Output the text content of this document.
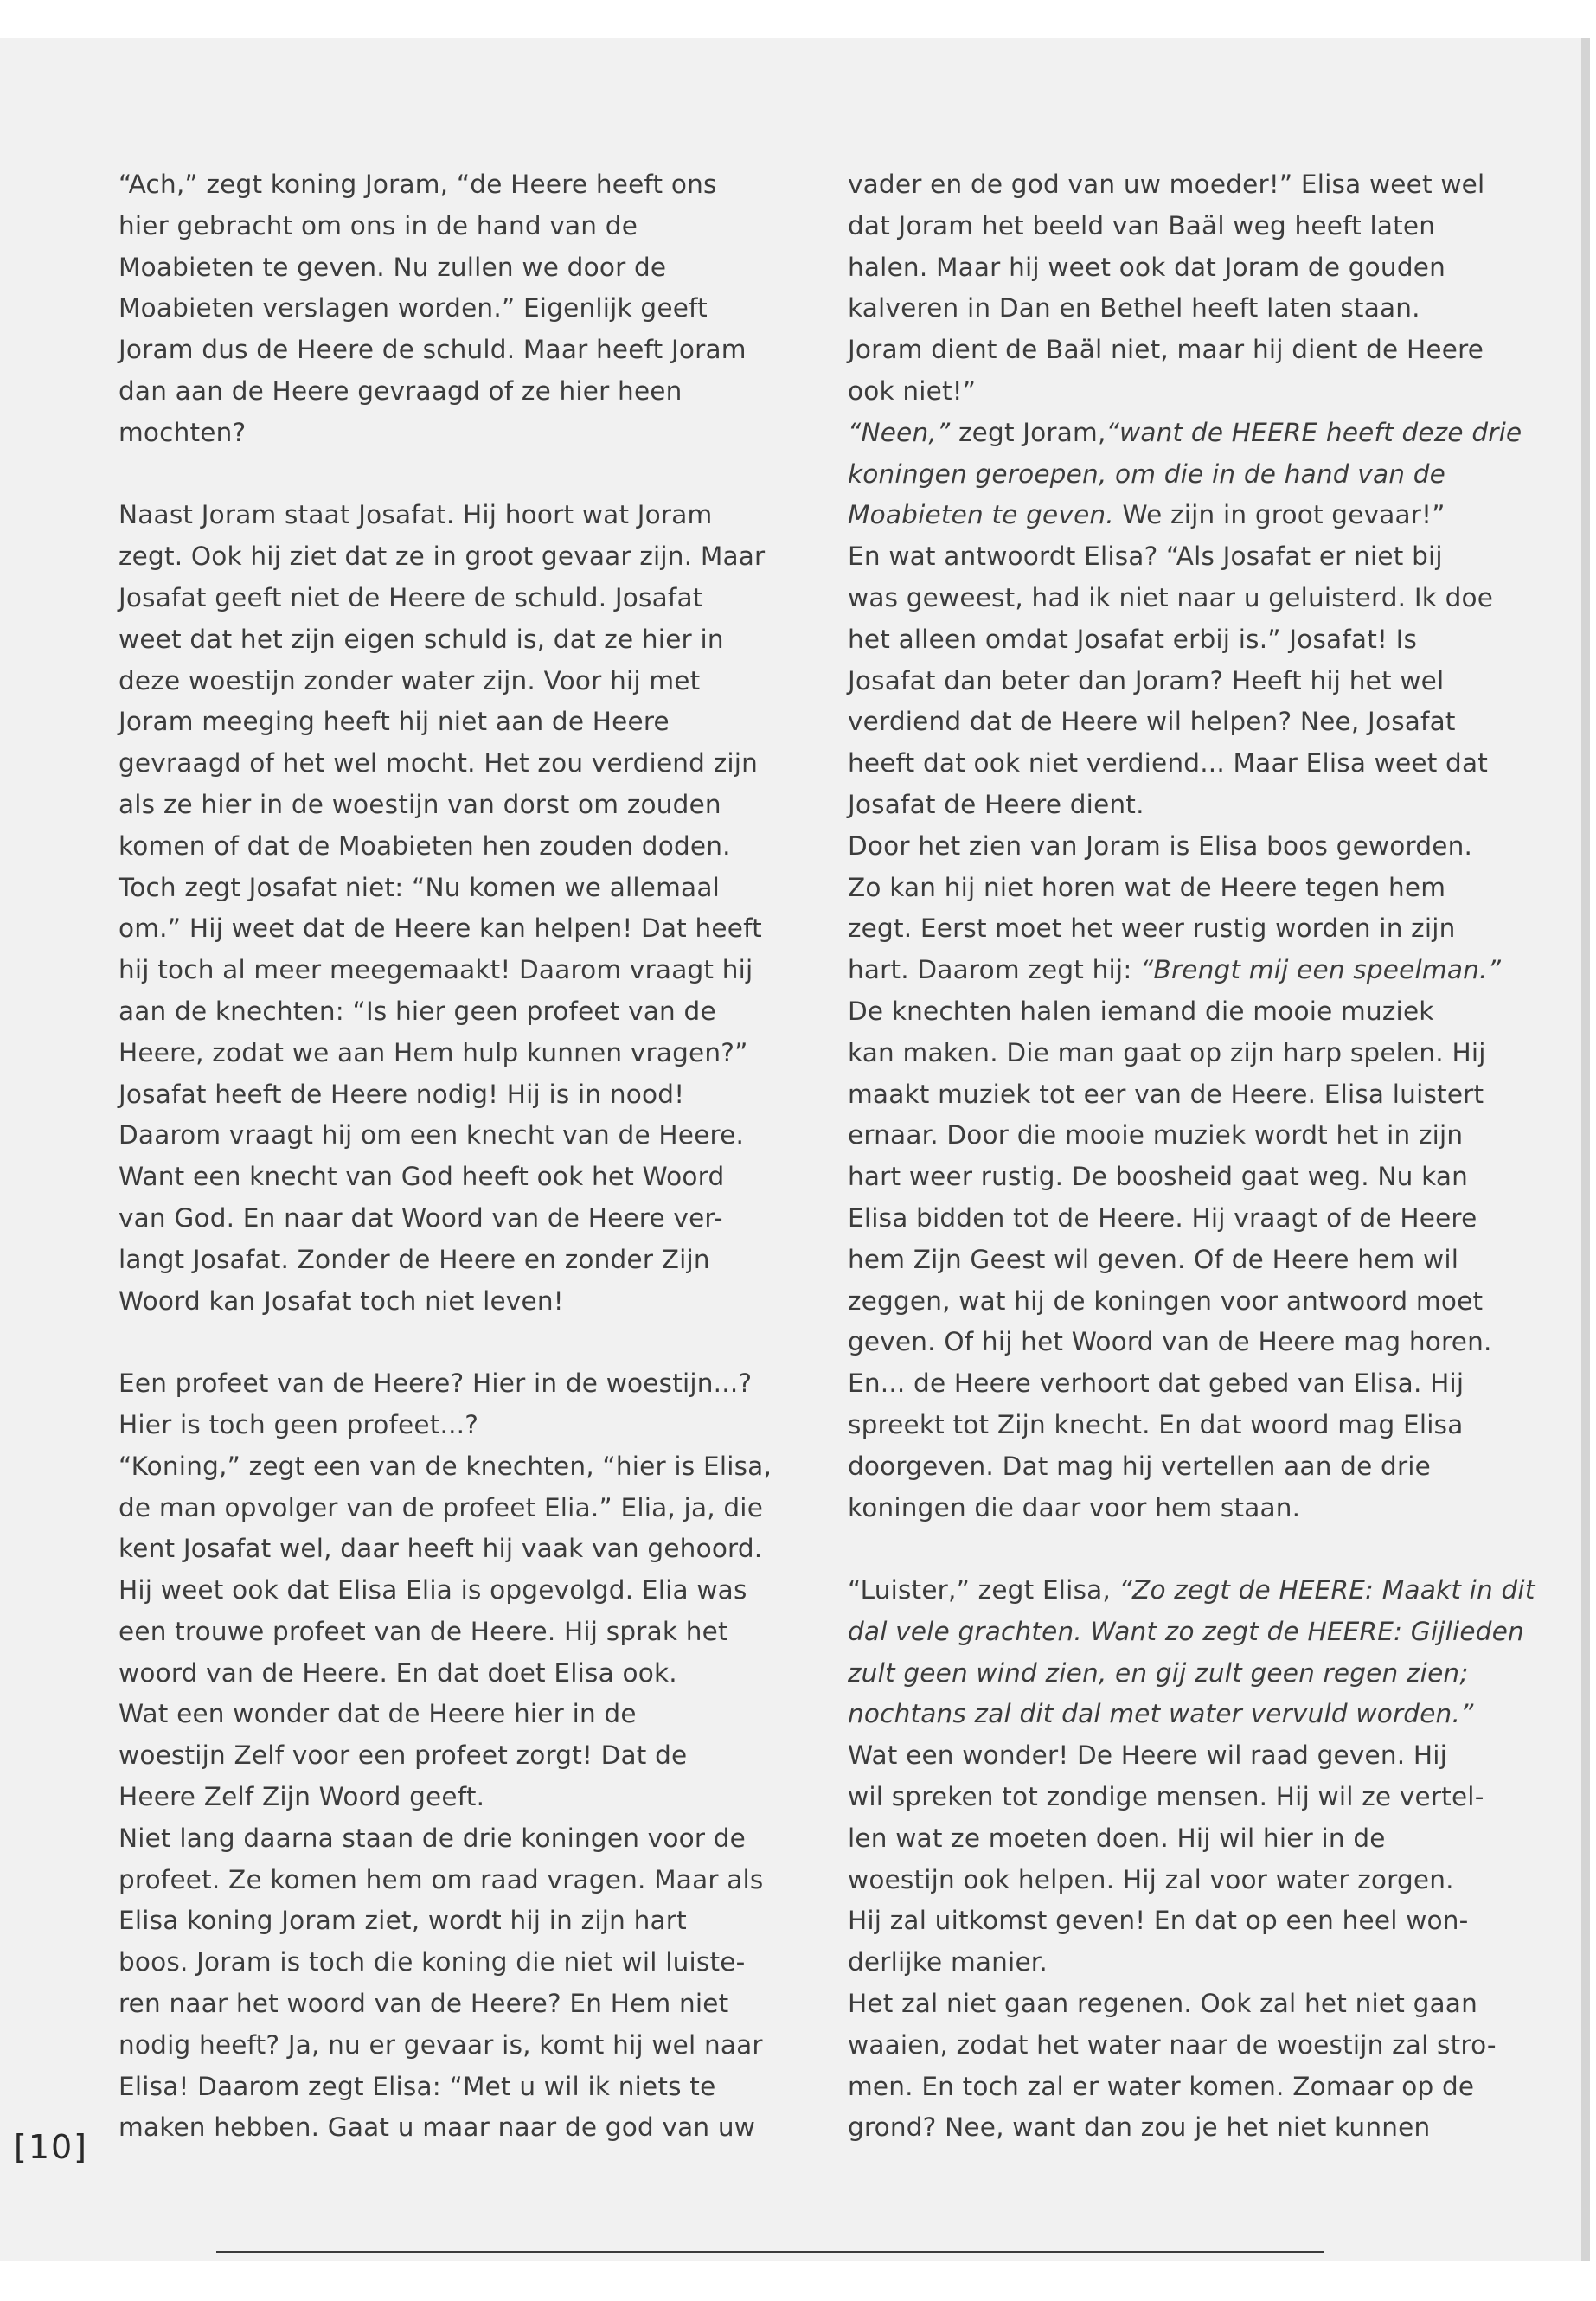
“Ach,” zegt koning Joram, “de Heere heeft ons

hier gebracht om ons in de hand van de

Moabieten te geven. Nu zullen we door de

Moabieten verslagen worden.” Eigenlijk geeft

Joram dus de Heere de schuld. Maar heeft Joram

dan aan de Heere gevraagd of ze hier heen

mochten?

Naast Joram staat Josafat. Hij hoort wat Joram

zegt. Ook hij ziet dat ze in groot gevaar zijn. Maar

Josafat geeft niet de Heere de schuld. Josafat

weet dat het zijn eigen schuld is, dat ze hier in

deze woestijn zonder water zijn. Voor hij met

Joram meeging heeft hij niet aan de Heere

gevraagd of het wel mocht. Het zou verdiend zijn

als ze hier in de woestijn van dorst om zouden

komen of dat de Moabieten hen zouden doden.

Toch zegt Josafat niet: “Nu komen we allemaal

om.” Hij weet dat de Heere kan helpen! Dat heeft

hij toch al meer meegemaakt! Daarom vraagt hij

aan de knechten: “Is hier geen profeet van de

Heere, zodat we aan Hem hulp kunnen vragen?”

Josafat heeft de Heere nodig! Hij is in nood!

Daarom vraagt hij om een knecht van de Heere.

Want een knecht van God heeft ook het Woord

van God. En naar dat Woord van de Heere ver-

langt Josafat. Zonder de Heere en zonder Zijn

Woord kan Josafat toch niet leven!

Een profeet van de Heere? Hier in de woestijn...?

Hier is toch geen profeet...?

“Koning,” zegt een van de knechten, “hier is Elisa,

de man opvolger van de profeet Elia.” Elia, ja, die

kent Josafat wel, daar heeft hij vaak van gehoord.

Hij weet ook dat Elisa Elia is opgevolgd. Elia was

een trouwe profeet van de Heere. Hij sprak het

woord van de Heere. En dat doet Elisa ook.

Wat een wonder dat de Heere hier in de

woestijn Zelf voor een profeet zorgt! Dat de

Heere Zelf Zijn Woord geeft.

Niet lang daarna staan de drie koningen voor de

profeet. Ze komen hem om raad vragen. Maar als

Elisa koning Joram ziet, wordt hij in zijn hart

boos. Joram is toch die koning die niet wil luiste-

ren naar het woord van de Heere? En Hem niet

nodig heeft? Ja, nu er gevaar is, komt hij wel naar

Elisa! Daarom zegt Elisa: “Met u wil ik niets te

maken hebben. Gaat u maar naar de god van uw

vader en de god van uw moeder!” Elisa weet wel

dat Joram het beeld van Baäl weg heeft laten

halen. Maar hij weet ook dat Joram de gouden

kalveren in Dan en Bethel heeft laten staan.

Joram dient de Baäl niet, maar hij dient de Heere

ook niet!”

“Neen,” zegt Joram,“want de HEERE heeft deze drie

koningen geroepen, om die in de hand van de

Moabieten te geven. We zijn in groot gevaar!”

En wat antwoordt Elisa? “Als Josafat er niet bij

was geweest, had ik niet naar u geluisterd. Ik doe

het alleen omdat Josafat erbij is.” Josafat! Is

Josafat dan beter dan Joram? Heeft hij het wel

verdiend dat de Heere wil helpen? Nee, Josafat

heeft dat ook niet verdiend... Maar Elisa weet dat

Josafat de Heere dient.

Door het zien van Joram is Elisa boos geworden.

Zo kan hij niet horen wat de Heere tegen hem

zegt. Eerst moet het weer rustig worden in zijn

hart. Daarom zegt hij: “Brengt mij een speelman.”

De knechten halen iemand die mooie muziek

kan maken. Die man gaat op zijn harp spelen. Hij

maakt muziek tot eer van de Heere. Elisa luistert

ernaar. Door die mooie muziek wordt het in zijn

hart weer rustig. De boosheid gaat weg. Nu kan

Elisa bidden tot de Heere. Hij vraagt of de Heere

hem Zijn Geest wil geven. Of de Heere hem wil

zeggen, wat hij de koningen voor antwoord moet

geven. Of hij het Woord van de Heere mag horen.

En... de Heere verhoort dat gebed van Elisa. Hij

spreekt tot Zijn knecht. En dat woord mag Elisa

doorgeven. Dat mag hij vertellen aan de drie

koningen die daar voor hem staan.

“Luister,” zegt Elisa, “Zo zegt de HEERE: Maakt in dit

dal vele grachten. Want zo zegt de HEERE: Gijlieden

zult geen wind zien, en gij zult geen regen zien;

nochtans zal dit dal met water vervuld worden.”

Wat een wonder! De Heere wil raad geven. Hij

wil spreken tot zondige mensen. Hij wil ze vertel-

len wat ze moeten doen. Hij wil hier in de

woestijn ook helpen. Hij zal voor water zorgen.

Hij zal uitkomst geven! En dat op een heel won-

derlijke manier.

Het zal niet gaan regenen. Ook zal het niet gaan

waaien, zodat het water naar de woestijn zal stro-

men. En toch zal er water komen. Zomaar op de

grond? Nee, want dan zou je het niet kunnen

[10]
